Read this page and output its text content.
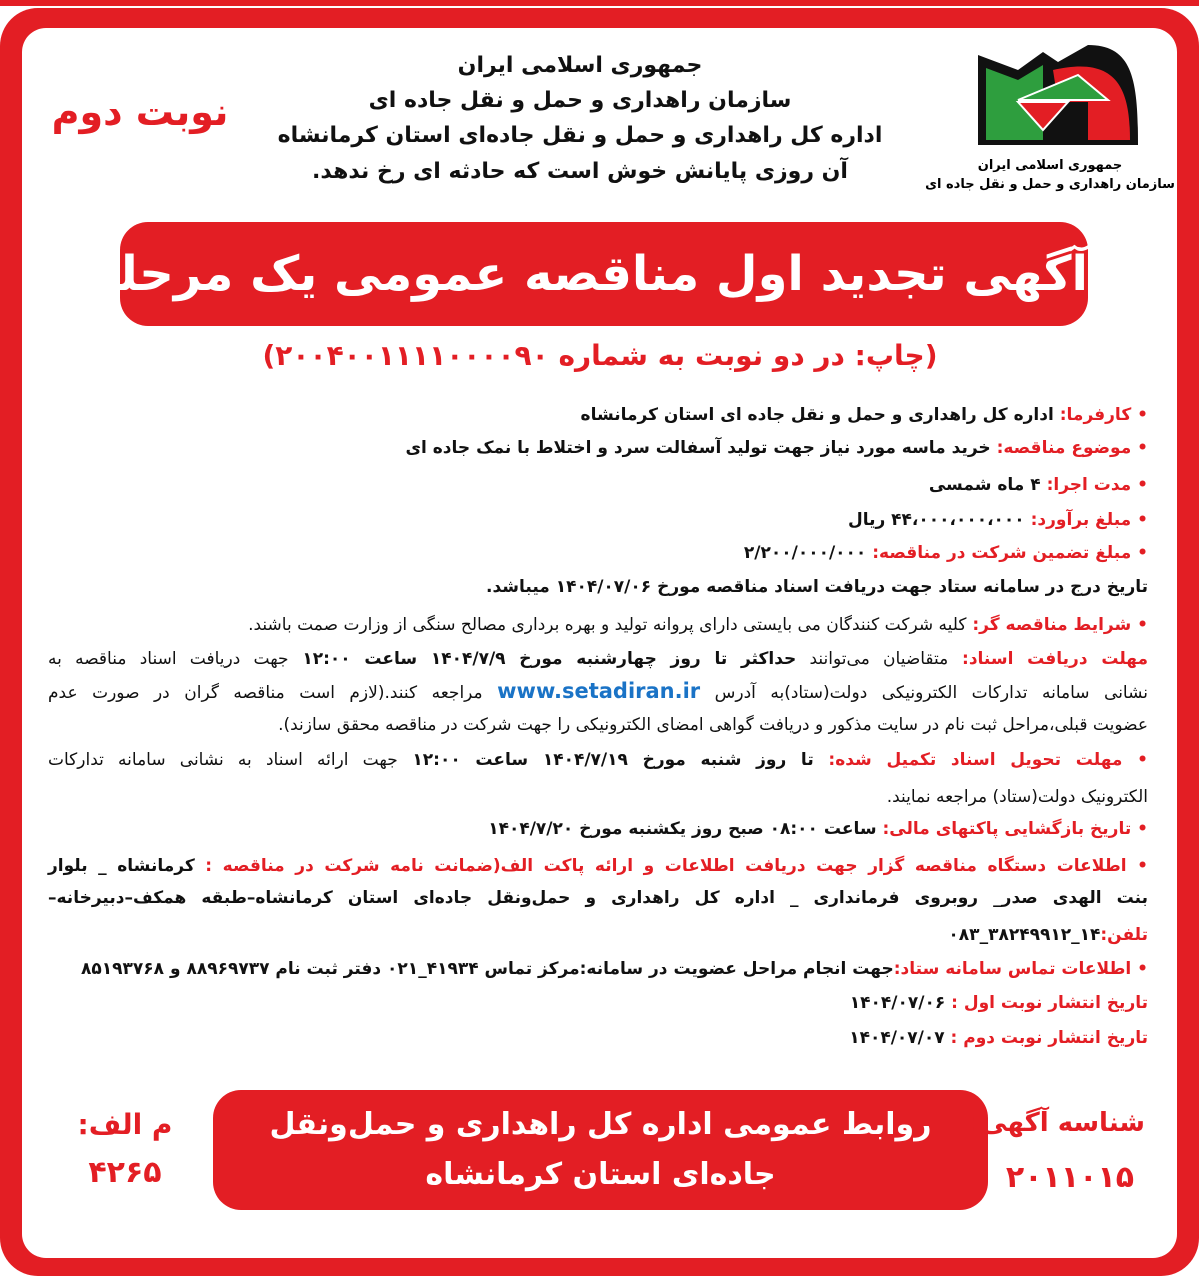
جمهوری اسلامی ایران
سازمان راهداری و حمل و نقل جاده ای
جمهوری اسلامی ایران
سازمان راهداری و حمل و نقل جاده ای
اداره کل راهداری و حمل و نقل جاده‌ای استان کرمانشاه
آن روزی پایانش خوش است که حادثه ای رخ ندهد.
نوبت دوم
آگهی تجدید اول مناقصه عمومی یک مرحله‌ای
(چاپ: در دو نوبت به شماره ۲۰۰۴۰۰۱۱۱۱۰۰۰۰۹۰)
• کارفرما: اداره کل راهداری و حمل و نقل جاده ای استان کرمانشاه
• موضوع مناقصه: خرید ماسه مورد نیاز جهت تولید آسفالت سرد و اختلاط با نمک جاده ای
• مدت اجرا: ۴ ماه شمسی
• مبلغ برآورد: ۴۴،۰۰۰،۰۰۰،۰۰۰ ریال
• مبلغ تضمین شرکت در مناقصه: ۲/۲۰۰/۰۰۰/۰۰۰
تاریخ درج در سامانه ستاد جهت دریافت اسناد مناقصه مورخ ۱۴۰۴/۰۷/۰۶ میباشد.
• شرایط مناقصه گر: کلیه شرکت کنندگان می بایستی دارای پروانه تولید و بهره برداری مصالح سنگی از وزارت صمت باشند.
مهلت دریافت اسناد: متقاضیان می‌توانند حداکثر تا روز چهارشنبه مورخ ۱۴۰۴/۷/۹ ساعت ۱۲:۰۰ جهت دریافت اسناد مناقصه به
نشانی سامانه تدارکات الکترونیکی دولت(ستاد)به آدرس www.setadiran.ir مراجعه کنند.(لازم است مناقصه گران در صورت عدم
عضویت قبلی،مراحل ثبت نام در سایت مذکور و دریافت گواهی امضای الکترونیکی را جهت شرکت در مناقصه محقق سازند).
• مهلت تحویل اسناد تکمیل شده: تا روز شنبه مورخ ۱۴۰۴/۷/۱۹ ساعت ۱۲:۰۰ جهت ارائه اسناد به نشانی سامانه تدارکات
الکترونیک دولت(ستاد) مراجعه نمایند.
• تاریخ بازگشایی پاکتهای مالی: ساعت ۰۸:۰۰ صبح روز یکشنبه مورخ ۱۴۰۴/۷/۲۰
• اطلاعات دستگاه مناقصه گزار جهت دریافت اطلاعات و ارائه پاکت الف(ضمانت نامه شرکت در مناقصه : کرمانشاه _ بلوار
بنت الهدی صدر_ روبروی فرمانداری _ اداره کل راهداری و حمل‌ونقل جاده‌ای استان کرمانشاه–طبقه همکف–دبیرخانه–
تلفن:۱۴_۳۸۲۴۹۹۱۲_۰۸۳
• اطلاعات تماس سامانه ستاد:جهت انجام مراحل عضویت در سامانه:مرکز تماس ۴۱۹۳۴_۰۲۱ دفتر ثبت نام ۸۸۹۶۹۷۳۷ و ۸۵۱۹۳۷۶۸
تاریخ انتشار نوبت اول : ۱۴۰۴/۰۷/۰۶
تاریخ انتشار نوبت دوم : ۱۴۰۴/۰۷/۰۷
روابط عمومی اداره کل راهداری و حمل‌ونقل
جاده‌ای استان کرمانشاه
شناسه آگهی:
۲۰۱۱۰۱۵
م الف:
۴۲۶۵
